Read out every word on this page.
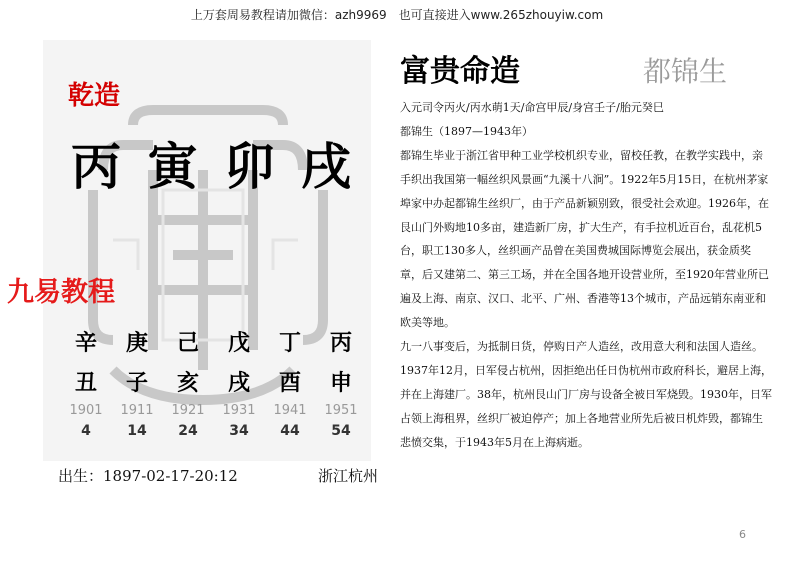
上万套周易教程请加微信：azh9969　也可直接进入www.265zhouyiw.com
乾造
丙 寅 卯 戌
九易教程
辛	庚	己	戊	丁	丙
丑	子	亥	戌	酉	申
1901	1911	1921	1931	1941	1951
4	14	24	34	44	54
出生：1897-02-17-20:12	浙江杭州
富贵命造	都锦生

入元司令丙火/丙水萌1天/命宫甲辰/身宫壬子/胎元癸巳

都锦生（1897—1943年）

都锦生毕业于浙江省甲种工业学校机织专业，留校任教，在教学实践中，亲手织出我国第一幅丝织风景画“九溪十八涧”。1922年5月15日，在杭州茅家埠家中办起都锦生丝织厂，由于产品新颖别致，很受社会欢迎。1926年，在艮山门外购地10多亩，建造新厂房，扩大生产，有手拉机近百台，乱花机5台，职工130多人，丝织画产品曾在美国费城国际博览会展出，获金质奖章，后又建第二、第三工场，并在全国各地开设营业所，至1920年营业所已遍及上海、南京、汉口、北平、广州、香港等13个城市，产品远销东南亚和欧美等地。

九一八事变后，为抵制日货，停购日产人造丝，改用意大利和法国人造丝。1937年12月，日军侵占杭州，因拒绝出任日伪杭州市政府科长，避居上海，并在上海建厂。38年，杭州艮山门厂房与设备全被日军烧毁。1930年，日军占领上海租界，丝织厂被迫停产；加上各地营业所先后被日机炸毁，都锦生悲愤交集，于1943年5月在上海病逝。

6
